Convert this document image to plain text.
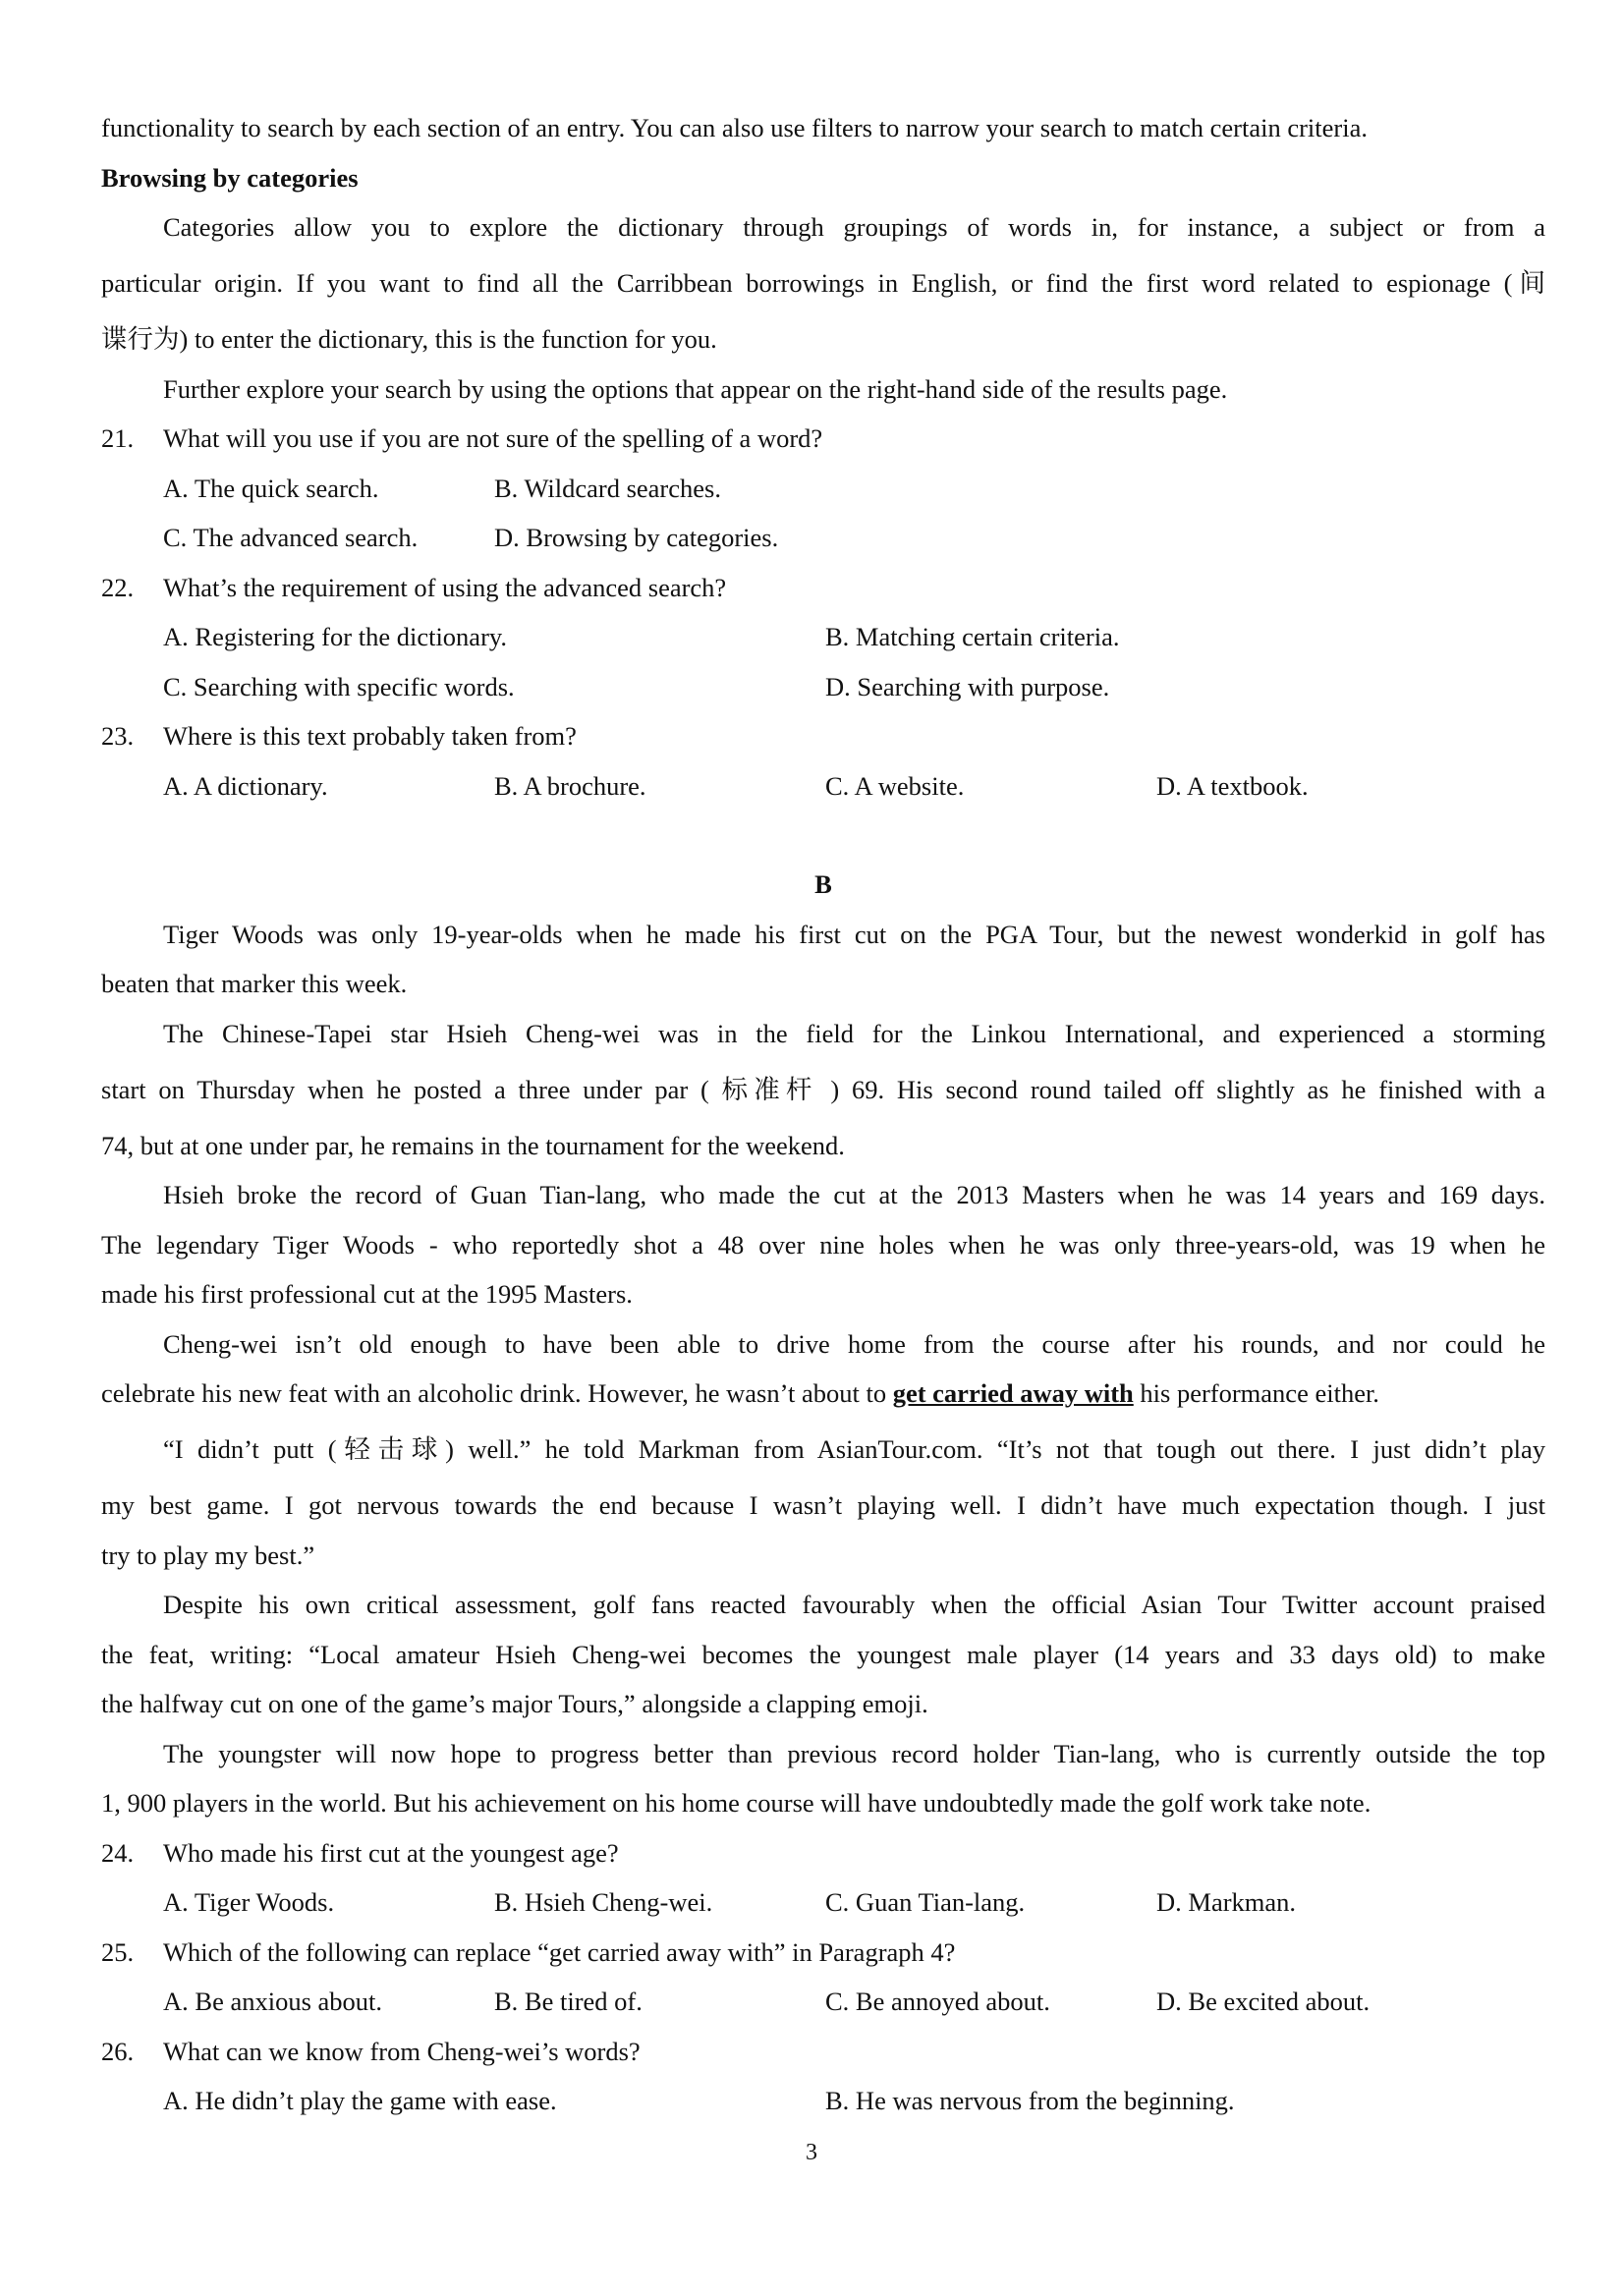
functionality to search by each section of an entry. You can also use filters to narrow your search to match certain criteria.
Browsing by categories
Categories allow you to explore the dictionary through groupings of words in, for instance, a subject or from a
particular origin. If you want to find all the Carribbean borrowings in English, or find the first word related to espionage (间
谍行为) to enter the dictionary, this is the function for you.
Further explore your search by using the options that appear on the right-hand side of the results page.
21.	What will you use if you are not sure of the spelling of a word?
A. The quick search.	B. Wildcard searches.
C. The advanced search.	D. Browsing by categories.
22.	What’s the requirement of using the advanced search?
A. Registering for the dictionary.	B. Matching certain criteria.
C. Searching with specific words.	D. Searching with purpose.
23.	Where is this text probably taken from?
A. A dictionary.	B. A brochure.	C. A website.	D. A textbook.
B
Tiger Woods was only 19-year-olds when he made his first cut on the PGA Tour, but the newest wonderkid in golf has
beaten that marker this week.
The Chinese-Tapei star Hsieh Cheng-wei was in the field for the Linkou International, and experienced a storming
start on Thursday when he posted a three under par ( 标准杆 ) 69. His second round tailed off slightly as he finished with a
74, but at one under par, he remains in the tournament for the weekend.
Hsieh broke the record of Guan Tian-lang, who made the cut at the 2013 Masters when he was 14 years and 169 days.
The legendary Tiger Woods - who reportedly shot a 48 over nine holes when he was only three-years-old, was 19 when he
made his first professional cut at the 1995 Masters.
Cheng-wei isn’t old enough to have been able to drive home from the course after his rounds, and nor could he
celebrate his new feat with an alcoholic drink. However, he wasn’t about to get carried away with his performance either.
“I didn’t putt (轻击球) well.” he told Markman from AsianTour.com. “It’s not that tough out there. I just didn’t play
my best game. I got nervous towards the end because I wasn’t playing well. I didn’t have much expectation though. I just
try to play my best.”
Despite his own critical assessment, golf fans reacted favourably when the official Asian Tour Twitter account praised
the feat, writing: “Local amateur Hsieh Cheng-wei becomes the youngest male player (14 years and 33 days old) to make
the halfway cut on one of the game’s major Tours,” alongside a clapping emoji.
The youngster will now hope to progress better than previous record holder Tian-lang, who is currently outside the top
1, 900 players in the world. But his achievement on his home course will have undoubtedly made the golf work take note.
24.	Who made his first cut at the youngest age?
A. Tiger Woods.	B. Hsieh Cheng-wei.	C. Guan Tian-lang.	D. Markman.
25.	Which of the following can replace “get carried away with” in Paragraph 4?
A. Be anxious about.	B. Be tired of.	C. Be annoyed about.	D. Be excited about.
26.	What can we know from Cheng-wei’s words?
A. He didn’t play the game with ease.	B. He was nervous from the beginning.
3
